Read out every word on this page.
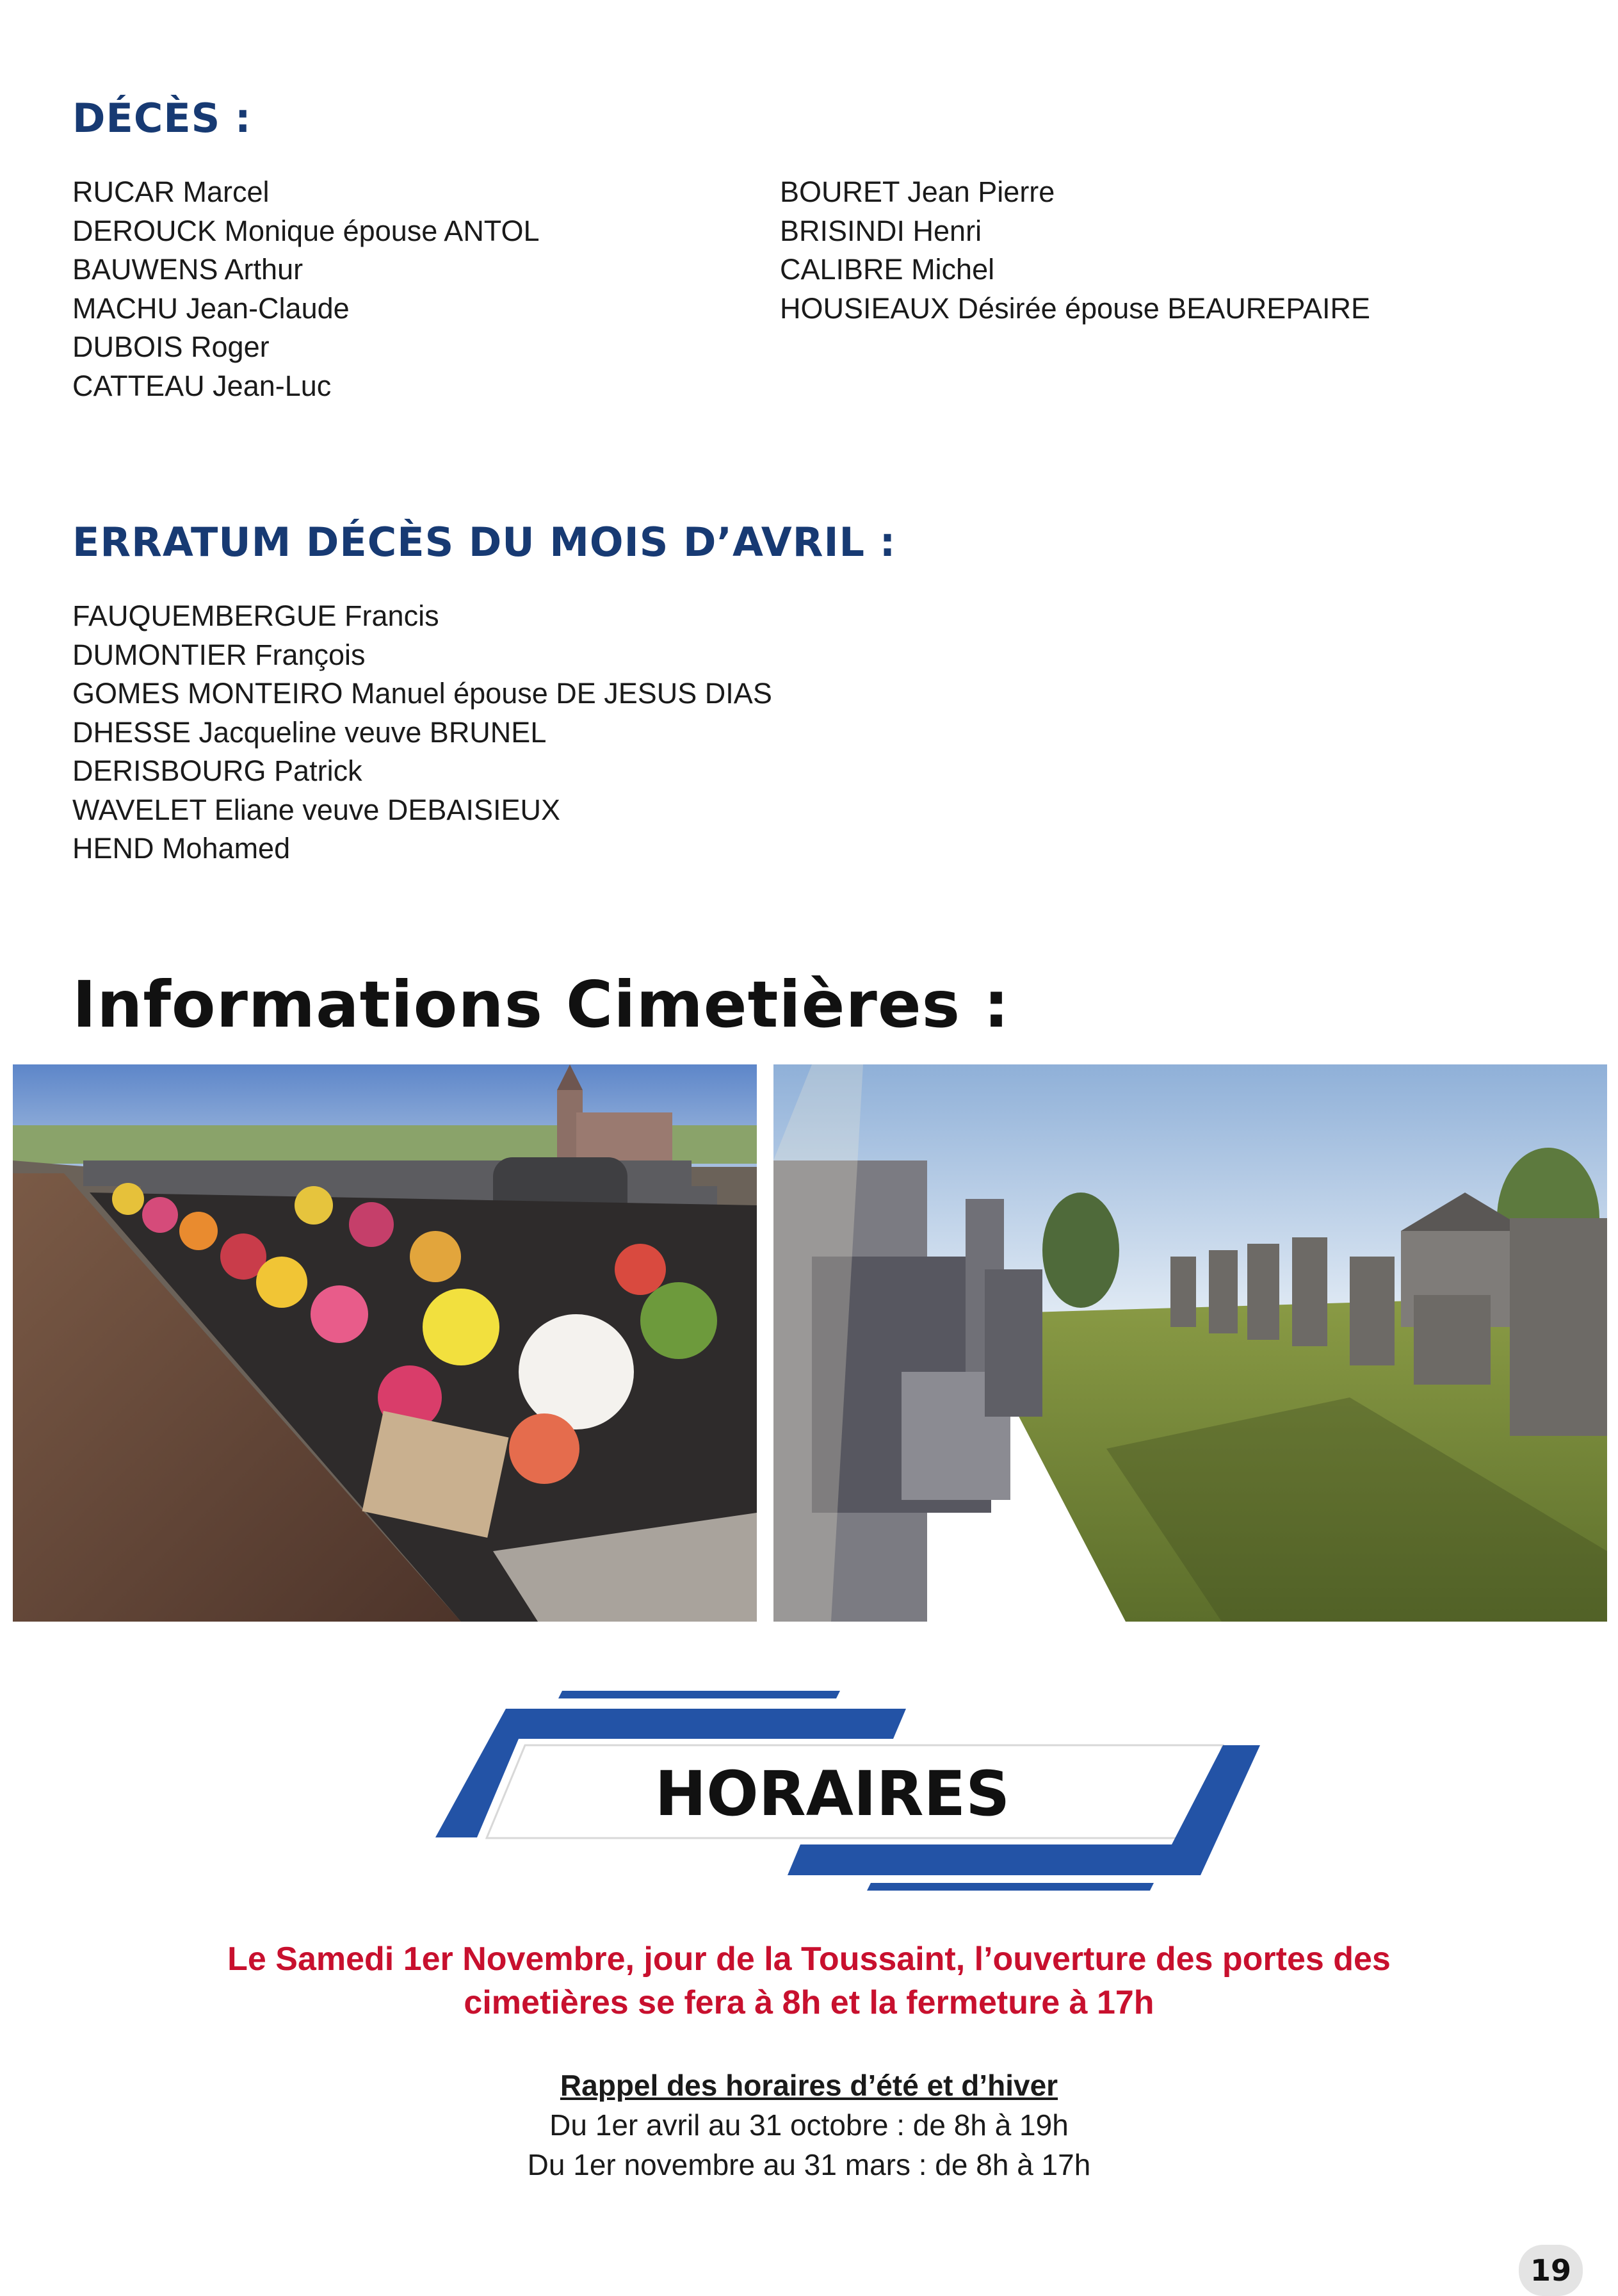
DÉCÈS :
RUCAR Marcel
DEROUCK Monique épouse ANTOL
BAUWENS Arthur
MACHU Jean-Claude
DUBOIS Roger
CATTEAU Jean-Luc
BOURET Jean Pierre
BRISINDI Henri
CALIBRE Michel
HOUSIEAUX Désirée épouse BEAUREPAIRE
ERRATUM DÉCÈS DU MOIS D’AVRIL :
FAUQUEMBERGUE Francis
DUMONTIER François
GOMES MONTEIRO Manuel épouse DE JESUS DIAS
DHESSE Jacqueline veuve BRUNEL
DERISBOURG Patrick
WAVELET Eliane veuve DEBAISIEUX
HEND Mohamed
Informations Cimetières :
HORAIRES
Le Samedi 1er Novembre, jour de la Toussaint, l’ouverture des portes des
cimetières se fera à 8h et la fermeture à 17h
Rappel des horaires d’été et d’hiver
Du 1er avril au 31 octobre : de 8h à 19h
Du 1er novembre au 31 mars : de 8h à 17h
19
